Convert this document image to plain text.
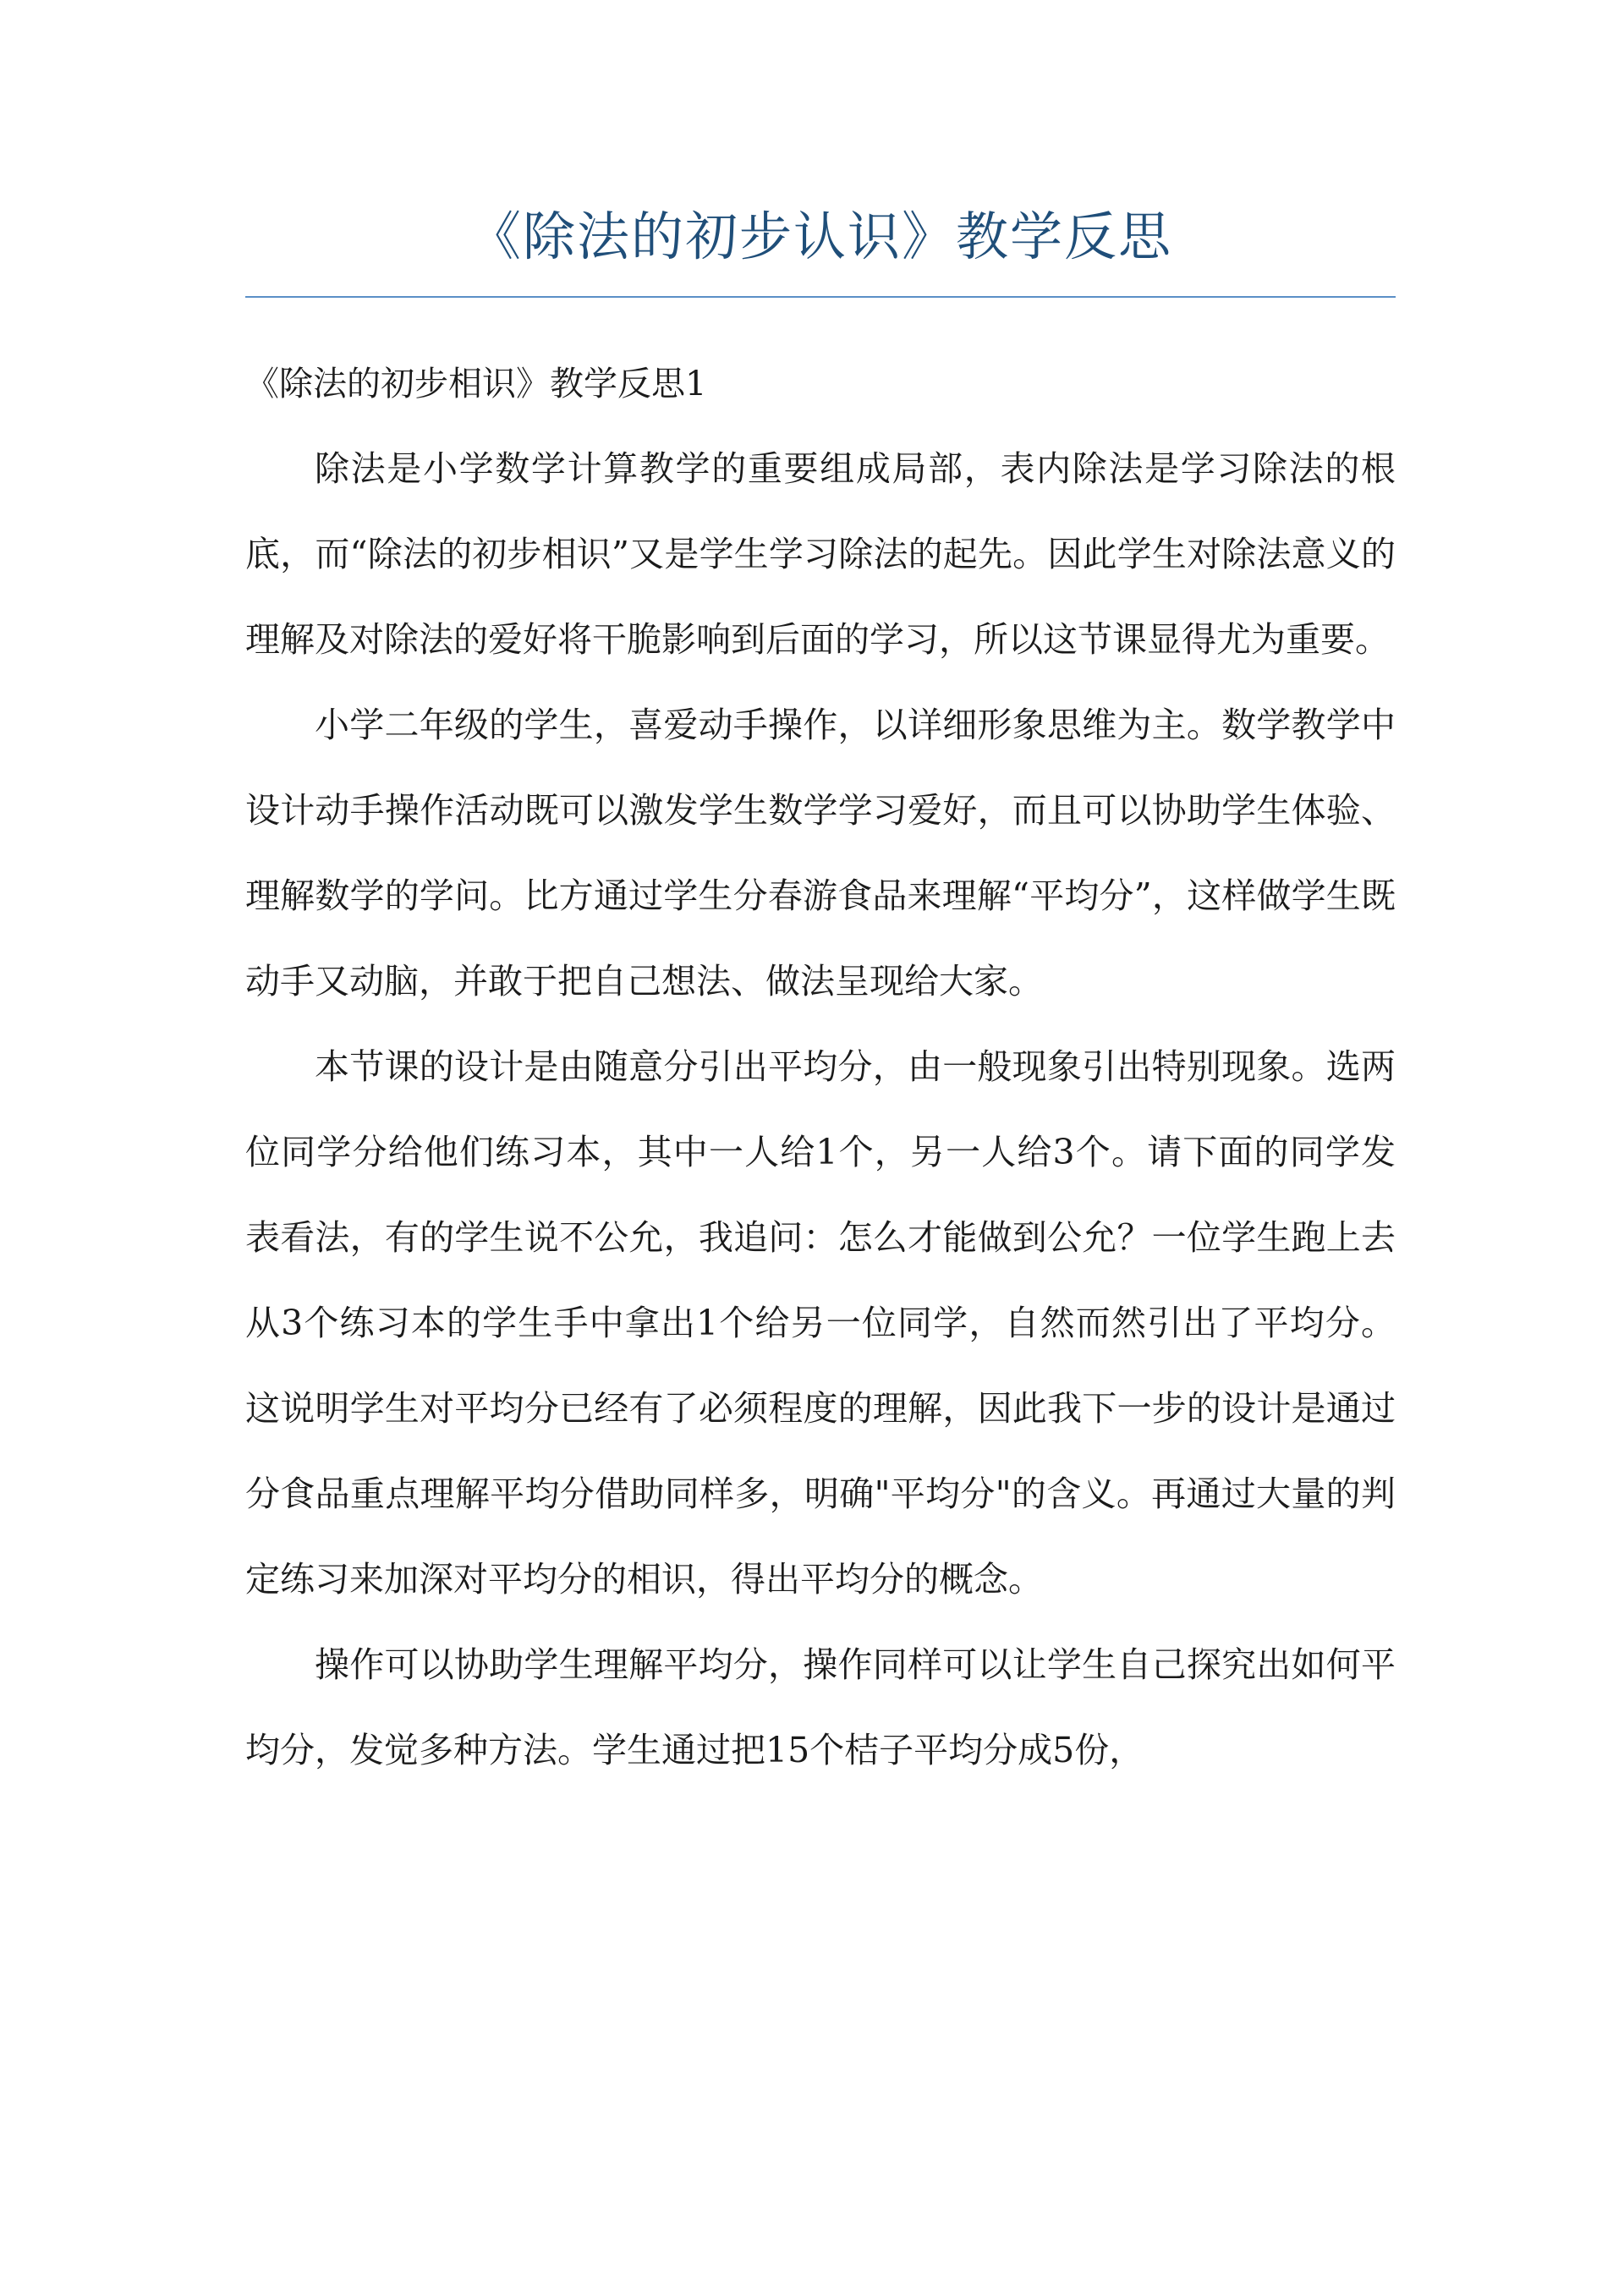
《除法的初步认识》教学反思
《除法的初步相识》教学反思1

除法是小学数学计算教学的重要组成局部，表内除法是学习除法的根底，而“除法的初步相识”又是学生学习除法的起先。因此学生对除法意义的理解及对除法的爱好将干脆影响到后面的学习，所以这节课显得尤为重要。

小学二年级的学生，喜爱动手操作，以详细形象思维为主。数学教学中设计动手操作活动既可以激发学生数学学习爱好，而且可以协助学生体验、理解数学的学问。比方通过学生分春游食品来理解“平均分”，这样做学生既动手又动脑，并敢于把自己想法、做法呈现给大家。

本节课的设计是由随意分引出平均分，由一般现象引出特别现象。选两位同学分给他们练习本，其中一人给1个，另一人给3个。请下面的同学发表看法，有的学生说不公允，我追问：怎么才能做到公允？一位学生跑上去从3个练习本的学生手中拿出1个给另一位同学，自然而然引出了平均分。这说明学生对平均分已经有了必须程度的理解，因此我下一步的设计是通过分食品重点理解平均分借助同样多，明确"平均分"的含义。再通过大量的判定练习来加深对平均分的相识，得出平均分的概念。

操作可以协助学生理解平均分，操作同样可以让学生自己探究出如何平均分，发觉多种方法。学生通过把15个桔子平均分成5份，
